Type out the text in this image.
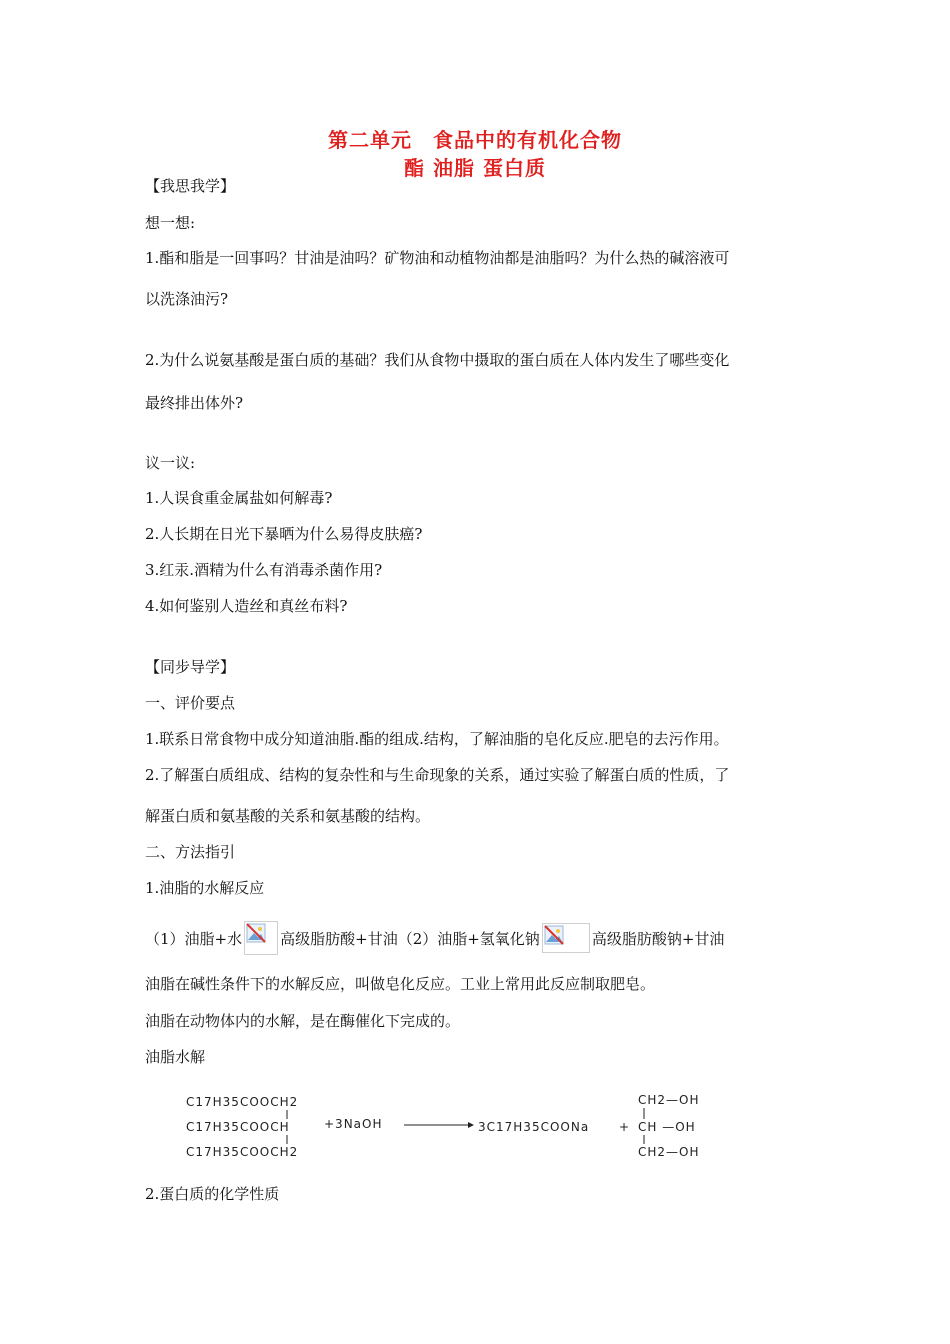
第二单元　食品中的有机化合物
酯 油脂 蛋白质
【我思我学】
想一想:
1.酯和脂是一回事吗？甘油是油吗？矿物油和动植物油都是油脂吗？为什么热的碱溶液可
以洗涤油污?
2.为什么说氨基酸是蛋白质的基础？我们从食物中摄取的蛋白质在人体内发生了哪些变化
最终排出体外?
议一议:
1.人误食重金属盐如何解毒?
2.人长期在日光下暴晒为什么易得皮肤癌?
3.红汞.酒精为什么有消毒杀菌作用?
4.如何鉴别人造丝和真丝布料?
【同步导学】
一、评价要点
1.联系日常食物中成分知道油脂.酯的组成.结构，了解油脂的皂化反应.肥皂的去污作用。
2.了解蛋白质组成、结构的复杂性和与生命现象的关系，通过实验了解蛋白质的性质，了
解蛋白质和氨基酸的关系和氨基酸的结构。
二、方法指引
1.油脂的水解反应
（1）油脂+水	高级脂肪酸+甘油（2）油脂+氢氧化钠	高级脂肪酸钠+甘油
油脂在碱性条件下的水解反应，叫做皂化反应。工业上常用此反应制取肥皂。
油脂在动物体内的水解，是在酶催化下完成的。
油脂水解
C17H35COOCH2
C17H35COOCH
C17H35COOCH2
+3NaOH	3C17H35COONa +
CH2—OH
CH —OH
CH2—OH
2.蛋白质的化学性质
